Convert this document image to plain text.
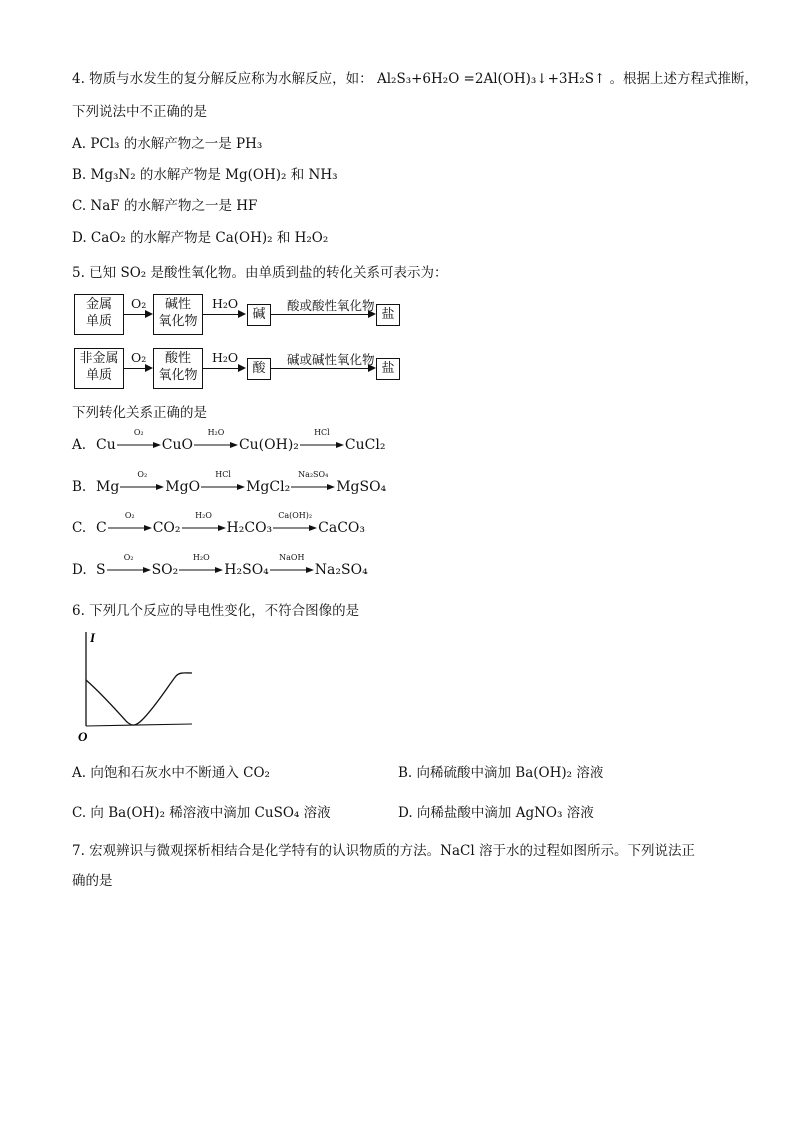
4. 物质与水发生的复分解反应称为水解反应，如： Al₂S₃+6H₂O =2Al(OH)₃↓+3H₂S↑ 。根据上述方程式推断，
下列说法中不正确的是
A. PCl₃ 的水解产物之一是 PH₃
B. Mg₃N₂ 的水解产物是 Mg(OH)₂ 和 NH₃
C. NaF 的水解产物之一是 HF
D. CaO₂ 的水解产物是 Ca(OH)₂ 和 H₂O₂
5. 已知 SO₂ 是酸性氧化物。由单质到盐的转化关系可表示为：
金属
单质
O₂	碱性
氧化物
H₂O
碱
酸或酸性氧化物
盐
非金属
单质
O₂	酸性
氧化物
H₂O
酸
碱或碱性氧化物
盐
下列转化关系正确的是
A. Cu
O₂
CuO
H₂O
Cu(OH)₂
HCl
CuCl₂
B. Mg
O₂
MgO
HCl
MgCl₂
Na₂SO₄
MgSO₄
C. C
O₂
CO₂
H₂O
H₂CO₃
Ca(OH)₂
CaCO₃
D. S
O₂
SO₂
H₂O
H₂SO₄
NaOH
Na₂SO₄
6. 下列几个反应的导电性变化，不符合图像的是
I
O
A. 向饱和石灰水中不断通入 CO₂	B. 向稀硫酸中滴加 Ba(OH)₂ 溶液
C. 向 Ba(OH)₂ 稀溶液中滴加 CuSO₄ 溶液	D. 向稀盐酸中滴加 AgNO₃ 溶液
7. 宏观辨识与微观探析相结合是化学特有的认识物质的方法。NaCl 溶于水的过程如图所示。下列说法正
确的是
